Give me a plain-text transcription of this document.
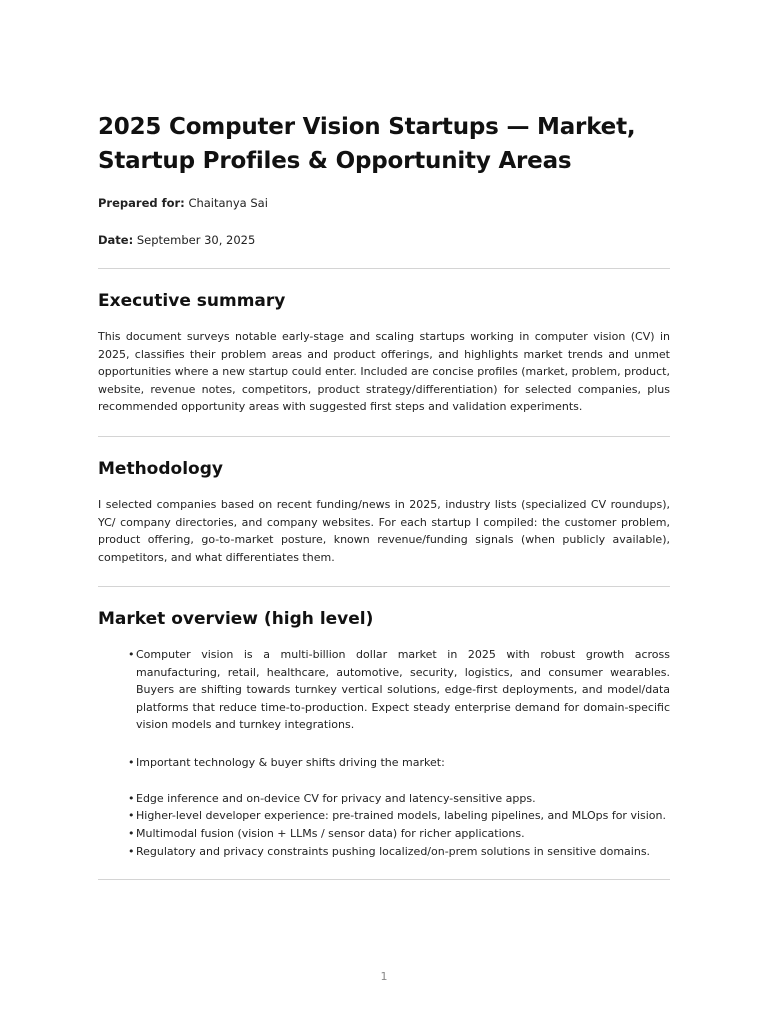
2025 Computer Vision Startups — Market, Startup Profiles & Opportunity Areas

Prepared for: Chaitanya Sai

Date: September 30, 2025

Executive summary

This document surveys notable early-stage and scaling startups working in computer vision (CV) in 2025, classifies their problem areas and product offerings, and highlights market trends and unmet opportunities where a new startup could enter. Included are concise profiles (market, problem, product, website, revenue notes, competitors, product strategy/differentiation) for selected companies, plus recommended opportunity areas with suggested first steps and validation experiments.

Methodology

I selected companies based on recent funding/news in 2025, industry lists (specialized CV roundups), YC/ company directories, and company websites. For each startup I compiled: the customer problem, product offering, go-to-market posture, known revenue/funding signals (when publicly available), competitors, and what differentiates them.

Market overview (high level)
• Computer vision is a multi-billion dollar market in 2025 with robust growth across manufacturing, retail, healthcare, automotive, security, logistics, and consumer wearables. Buyers are shifting towards turnkey vertical solutions, edge-first deployments, and model/data platforms that reduce time-to-production. Expect steady enterprise demand for domain-specific vision models and turnkey integrations.
• Important technology & buyer shifts driving the market:
• Edge inference and on-device CV for privacy and latency-sensitive apps.
• Higher-level developer experience: pre-trained models, labeling pipelines, and MLOps for vision.
• Multimodal fusion (vision + LLMs / sensor data) for richer applications.
• Regulatory and privacy constraints pushing localized/on-prem solutions in sensitive domains.
1
